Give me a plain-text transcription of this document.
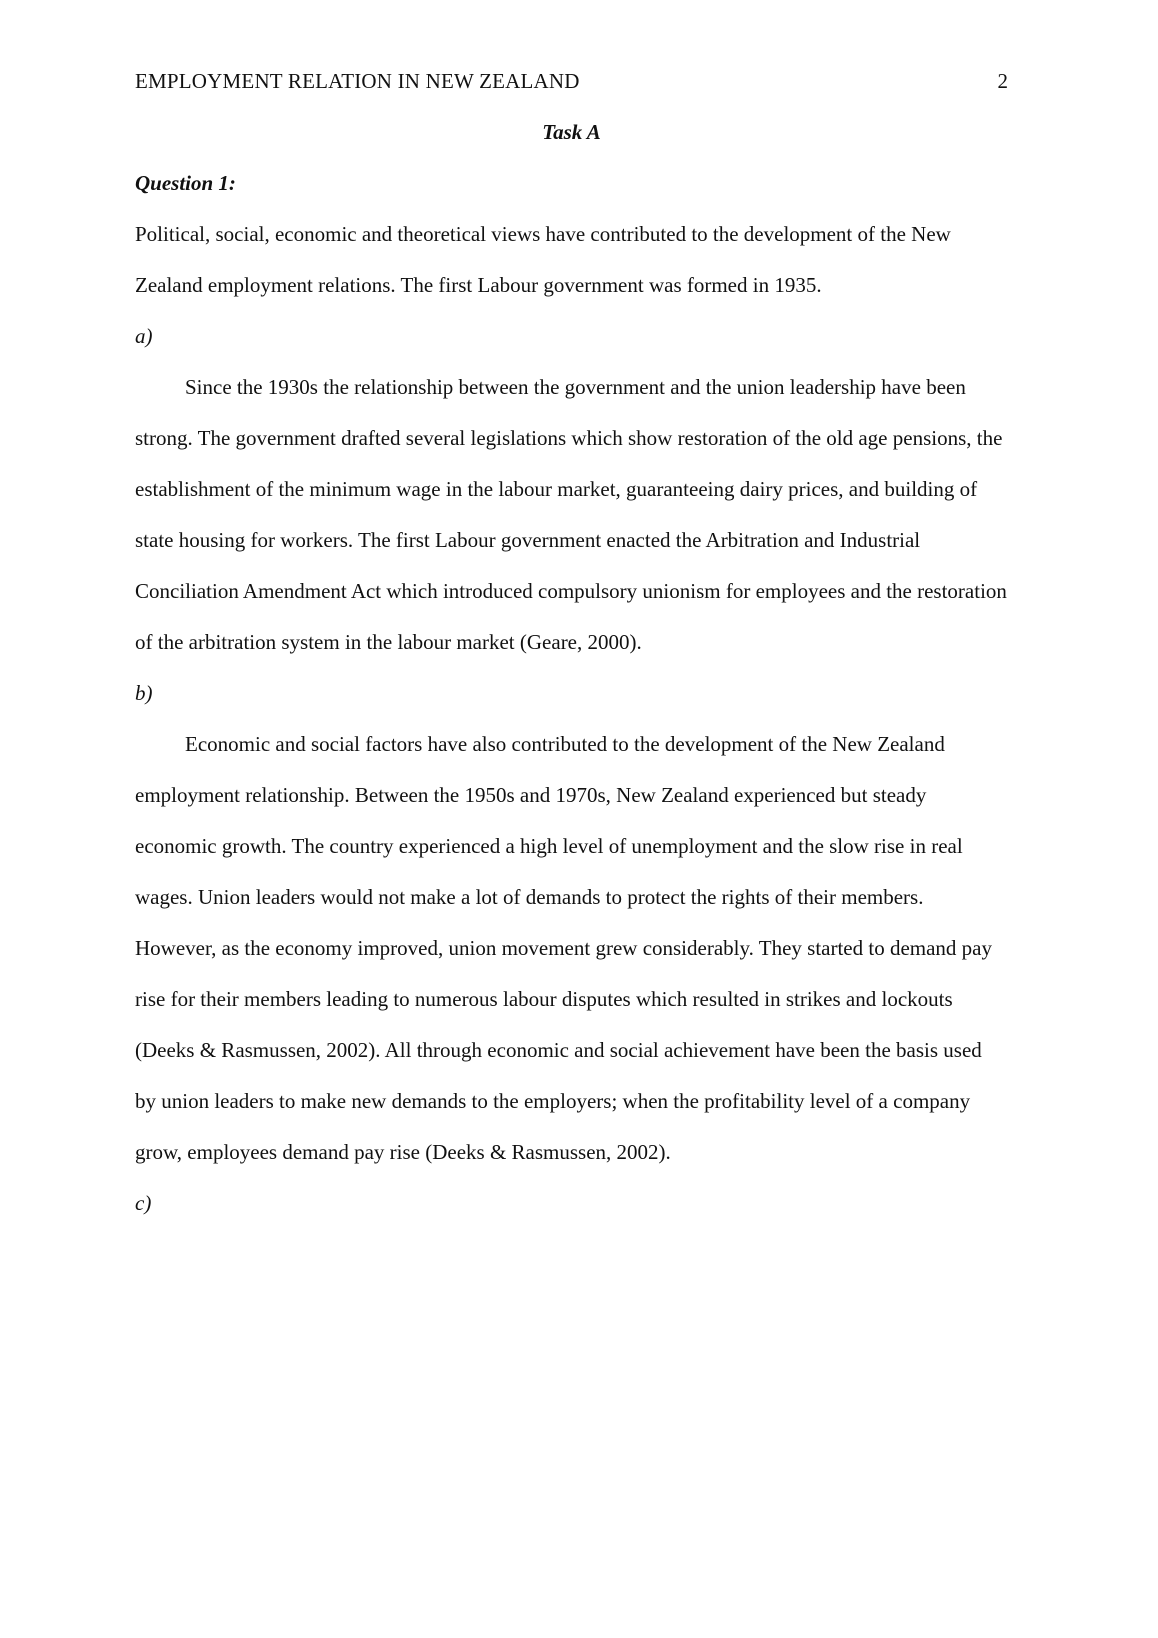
EMPLOYMENT RELATION IN NEW ZEALAND	2
Task A
Question 1:

Political, social, economic and theoretical views have contributed to the development of the New Zealand employment relations. The first Labour government was formed in 1935.

a)

Since the 1930s the relationship between the government and the union leadership have been strong. The government drafted several legislations which show restoration of the old age pensions, the establishment of the minimum wage in the labour market, guaranteeing dairy prices, and building of state housing for workers. The first Labour government enacted the Arbitration and Industrial Conciliation Amendment Act which introduced compulsory unionism for employees and the restoration of the arbitration system in the labour market (Geare, 2000).

b)

Economic and social factors have also contributed to the development of the New Zealand employment relationship. Between the 1950s and 1970s, New Zealand experienced but steady economic growth. The country experienced a high level of unemployment and the slow rise in real wages. Union leaders would not make a lot of demands to protect the rights of their members. However, as the economy improved, union movement grew considerably. They started to demand pay rise for their members leading to numerous labour disputes which resulted in strikes and lockouts (Deeks & Rasmussen, 2002). All through economic and social achievement have been the basis used by union leaders to make new demands to the employers; when the profitability level of a company grow, employees demand pay rise (Deeks & Rasmussen, 2002).

c)
